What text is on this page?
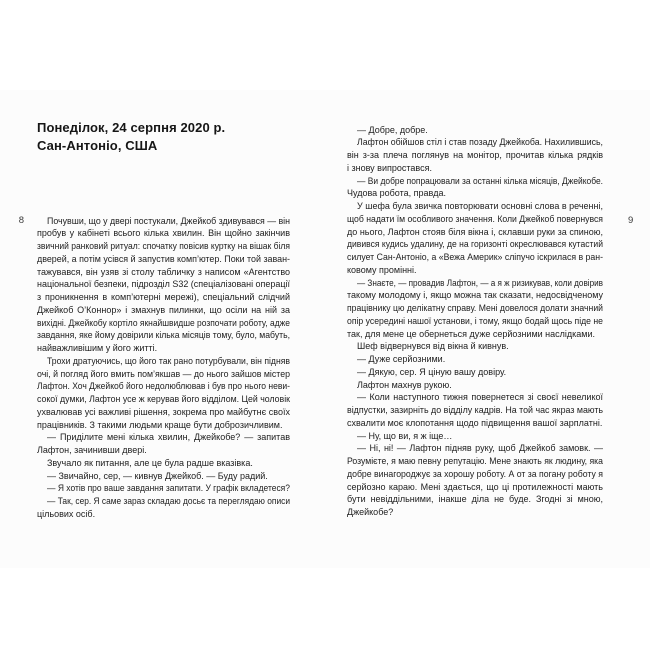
8	9
Понеділок, 24 серпня 2020 р.
Сан-Антоніо, США
Почувши, що у двері постукали, Джейкоб здивувався — він
пробув у кабінеті всього кілька хвилин. Він щойно закінчив
звичний ранковий ритуал: спочатку повісив куртку на вішак біля
дверей, а потім усівся й запустив комп’ютер. Поки той заван-
тажувався, він узяв зі столу табличку з написом «Агентство
національної безпеки, підрозділ S32 (спеціалізовані операції
з проникнення в комп’ютерні мережі), спеціальний слідчий
Джейкоб О’Коннор» і змахнув пилинки, що осіли на ній за
вихідні. Джейкобу кортіло якнайшвидше розпочати роботу, адже
завдання, яке йому довірили кілька місяців тому, було, мабуть,
найважливішим у його житті.
Трохи дратуючись, що його так рано потурбували, він підняв
очі, й погляд його вмить пом’якшав — до нього зайшов містер
Лафтон. Хоч Джейкоб його недолюблював і був про нього неви-
сокої думки, Лафтон усе ж керував його відділом. Цей чоловік
ухвалював усі важливі рішення, зокрема про майбутнє своїх
працівників. З такими людьми краще бути доброзичливим.
— Приділите мені кілька хвилин, Джейкобе? — запитав
Лафтон, зачинивши двері.
Звучало як питання, але це була радше вказівка.
— Звичайно, сер, — кивнув Джейкоб. — Буду радий.
— Я хотів про ваше завдання запитати. У графік вкладетеся?
— Так, сер. Я саме зараз складаю досьє та переглядаю описи
цільових осіб.
— Добре, добре.
Лафтон обійшов стіл і став позаду Джейкоба. Нахилившись,
він з-за плеча поглянув на монітор, прочитав кілька рядків
і знову випростався.
— Ви добре попрацювали за останні кілька місяців, Джейкобе.
Чудова робота, правда.
У шефа була звичка повторювати основні слова в реченні,
щоб надати їм особливого значення. Коли Джейкоб повернувся
до нього, Лафтон стояв біля вікна і, склавши руки за спиною,
дивився кудись удалину, де на горизонті окреслювався кутастий
силует Сан-Антоніо, а «Вежа Америк» сліпучо іскрилася в ран-
ковому промінні.
— Знаєте, — провадив Лафтон, — а я ж ризикував, коли довірив
такому молодому і, якщо можна так сказати, недосвідченому
працівнику цю делікатну справу. Мені довелося долати значний
опір усередині нашої установи, і тому, якщо бодай щось піде не
так, для мене це обернеться дуже серйозними наслідками.
Шеф відвернувся від вікна й кивнув.
— Дуже серйозними.
— Дякую, сер. Я ціную вашу довіру.
Лафтон махнув рукою.
— Коли наступного тижня повернетеся зі своєї невеликої
відпустки, зазирніть до відділу кадрів. На той час якраз мають
схвалити моє клопотання щодо підвищення вашої зарплатні.
— Ну, що ви, я ж іще…
— Ні, ні! — Лафтон підняв руку, щоб Джейкоб замовк. —
Розумієте, я маю певну репутацію. Мене знають як людину, яка
добре винагороджує за хорошу роботу. А от за погану роботу я
серйозно караю. Мені здається, що ці протилежності мають
бути невіддільними, інакше діла не буде. Згодні зі мною,
Джейкобе?
